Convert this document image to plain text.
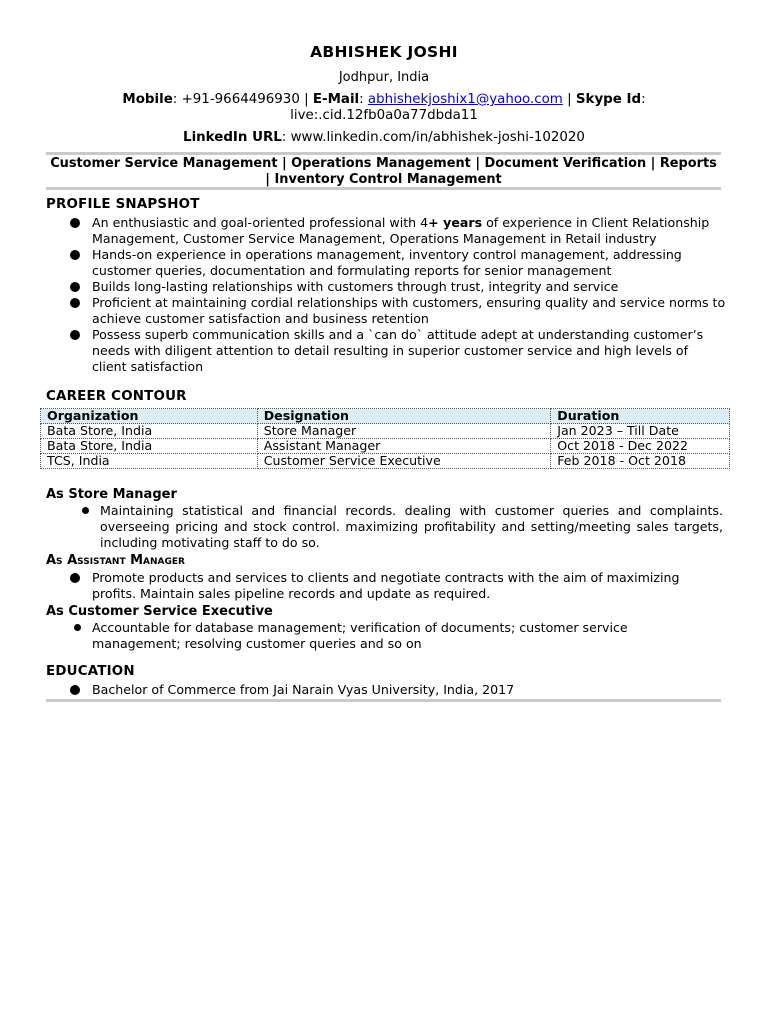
ABHISHEK JOSHI
Jodhpur, India
Mobile: +91-9664496930 | E-Mail: abhishekjoshix1@yahoo.com | Skype Id:
live:.cid.12fb0a0a77dbda11
LinkedIn URL: www.linkedin.com/in/abhishek-joshi-102020
Customer Service Management | Operations Management | Document Verification | Reports | Inventory Control Management
PROFILE SNAPSHOT
An enthusiastic and goal-oriented professional with 4+ years of experience in Client Relationship Management, Customer Service Management, Operations Management in Retail industry
Hands-on experience in operations management, inventory control management, addressing customer queries, documentation and formulating reports for senior management
Builds long-lasting relationships with customers through trust, integrity and service
Proficient at maintaining cordial relationships with customers, ensuring quality and service norms to achieve customer satisfaction and business retention
Possess superb communication skills and a `can do` attitude adept at understanding customer’s needs with diligent attention to detail resulting in superior customer service and high levels of client satisfaction
CAREER CONTOUR
Organization	Designation	Duration
Bata Store, India	Store Manager	Jan 2023 – Till Date
Bata Store, India	Assistant Manager	Oct 2018 - Dec 2022
TCS, India	Customer Service Executive	Feb 2018 - Oct 2018
As Store Manager
Maintaining statistical and financial records. dealing with customer queries and complaints. overseeing pricing and stock control. maximizing profitability and setting/meeting sales targets, including motivating staff to do so.
As Assistant Manager
Promote products and services to clients and negotiate contracts with the aim of maximizing profits. Maintain sales pipeline records and update as required.
As Customer Service Executive
Accountable for database management; verification of documents; customer service management; resolving customer queries and so on
EDUCATION
Bachelor of Commerce from Jai Narain Vyas University, India, 2017
